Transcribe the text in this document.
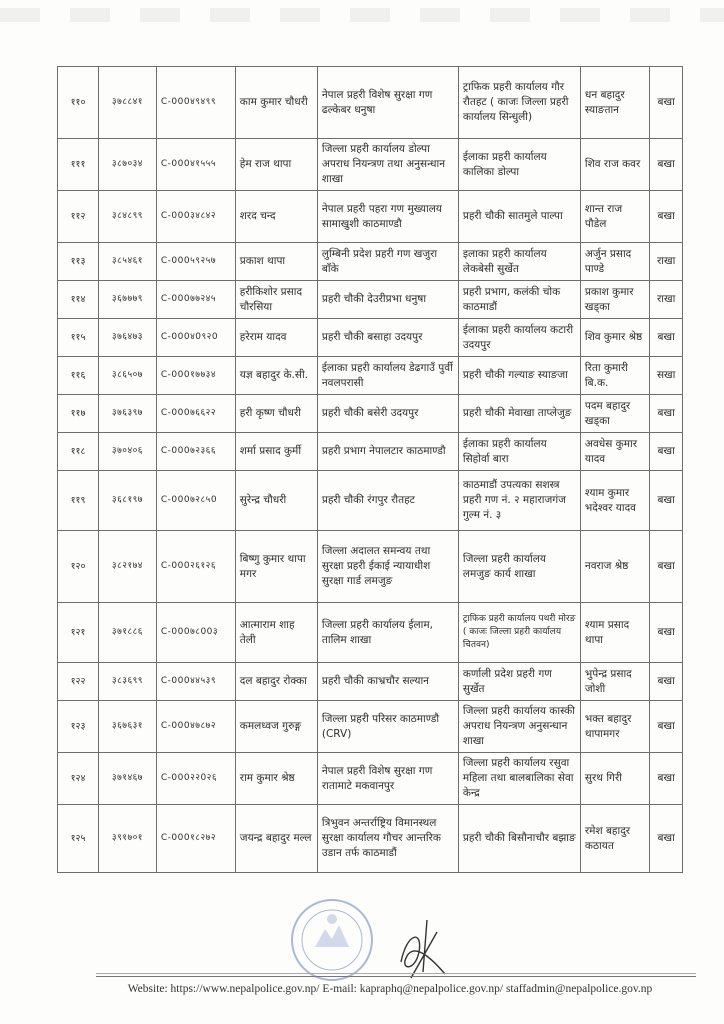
११०	३७८८४१	C-000४९४९९	काम कुमार चौधरी	नेपाल प्रहरी विशेष सुरक्षा गण ढल्केबर धनुषा	ट्राफिक प्रहरी कार्यालय गौर रौतहट ( काजः जिल्ला प्रहरी कार्यालय सिन्धुली)	धन बहादुर स्याङतान	बखा
१११	३८७०३४	C-000४१५५५	हेम राज थापा	जिल्ला प्रहरी कार्यालय डोल्पा अपराध नियन्त्रण तथा अनुसन्धान शाखा	ईलाका प्रहरी कार्यालय कालिका डोल्पा	शिव राज कवर	बखा
११२	३८४८९९	C-000३४८४२	शरद चन्द	नेपाल प्रहरी पहरा गण मुख्यालय सामाखुशी काठमाण्डौ	प्रहरी चौकी सातमुले पाल्पा	शान्त राज पौडेल	बखा
११३	३८५४६१	C-000५९२५७	प्रकाश थापा	लुम्बिनी प्रदेश प्रहरी गण खजुरा बाँके	इलाका प्रहरी कार्यालय लेकबेसी सुर्खेत	अर्जुन प्रसाद पाण्डे	राखा
११४	३६७७७९	C-000७७२४५	हरीकिशोर प्रसाद चौरसिया	प्रहरी चौकी देउरीप्रभा धनुषा	प्रहरी प्रभाग, कलंकी चोक काठमाडौं	प्रकाश कुमार खड्का	राखा
११५	३७६४७३	C-000४0९२0	हरेराम यादव	प्रहरी चौकी बसाहा उदयपुर	ईलाका प्रहरी कार्यालय कटारी उदयपुर	शिव कुमार श्रेष्ठ	बखा
११६	३८६५०७	C-000१७७३४	यज्ञ बहादुर के.सी.	ईलाका प्रहरी कार्यालय डेढगाउँ पुर्वी नवलपरासी	प्रहरी चौकी गल्याङ स्याङजा	रिता कुमारी बि.क.	सखा
११७	३७६३९७	C-000७६६२२	हरी कृष्ण चौधरी	प्रहरी चौकी बसेरी उदयपुर	प्रहरी चौकी मेवाखा ताप्लेजुङ	पदम बहादुर खड्का	बखा
११८	३७०४०६	C-000७२३६६	शर्मा प्रसाद कुर्मी	प्रहरी प्रभाग नेपालटार काठमाण्डौ	ईलाका प्रहरी कार्यालय सिहोर्वा बारा	अवधेस कुमार यादव	बखा
११९	३६८१९७	C-000७२८५0	सुरेन्द्र चौधरी	प्रहरी चौकी रंगपुर रौतहट	काठमाडौं उपत्यका सशस्त्र प्रहरी गण नं. २ महाराजगंज गुल्म नं. ३	श्याम कुमार भदेश्वर यादव	बखा
१२०	३८२१७४	C-000२६१२६	बिष्णु कुमार थापा मगर	जिल्ला अदालत समन्वय तथा सुरक्षा प्रहरी ईकाई न्यायाधीश सुरक्षा गार्ड लमजुङ	जिल्ला प्रहरी कार्यालय लमजुङ कार्य शाखा	नवराज श्रेष्ठ	बखा
१२१	३७१८८६	C-000७८00३	आत्माराम शाह तेली	जिल्ला प्रहरी कार्यालय ईलाम, तालिम शाखा	ट्राफिक प्रहरी कार्यालय पथरी मोरङ ( काजः जिल्ला प्रहरी कार्यालय चितवन)	श्याम प्रसाद थापा	बखा
१२२	३८३६९९	C-000४४५३९	दल बहादुर रोक्का	प्रहरी चौकी काभ्रचौर सल्यान	कर्णाली प्रदेश प्रहरी गण सुर्खेत	भुपेन्द्र प्रसाद जोशी	बखा
१२३	३६७६३१	C-000४७८७२	कमलध्वज गुरुङ्ग	जिल्ला प्रहरी परिसर काठमाण्डौ (CRV)	जिल्ला प्रहरी कार्यालय कास्की अपराध नियन्त्रण अनुसन्धान शाखा	भक्त बहादुर थापामगर	बखा
१२४	३७१४६७	C-000२२0२६	राम कुमार श्रेष्ठ	नेपाल प्रहरी विशेष सुरक्षा गण रातामाटे मकवानपुर	जिल्ला प्रहरी कार्यालय रसुवा महिला तथा बालबालिका सेवा केन्द्र	सुरथ गिरी	बखा
१२५	३९१७०१	C-000१८२७२	जयन्द्र बहादुर मल्ल	त्रिभुवन अन्तर्राष्ट्रिय विमानस्थल सुरक्षा कार्यालय गौचर आन्तरिक उडान तर्फ काठमाडौं	प्रहरी चौकी बिसौनाचौर बझाङ	रमेश बहादुर कठायत	बखा
Website: https://www.nepalpolice.gov.np/ E-mail: kapraphq@nepalpolice.gov.np/ staffadmin@nepalpolice.gov.np
